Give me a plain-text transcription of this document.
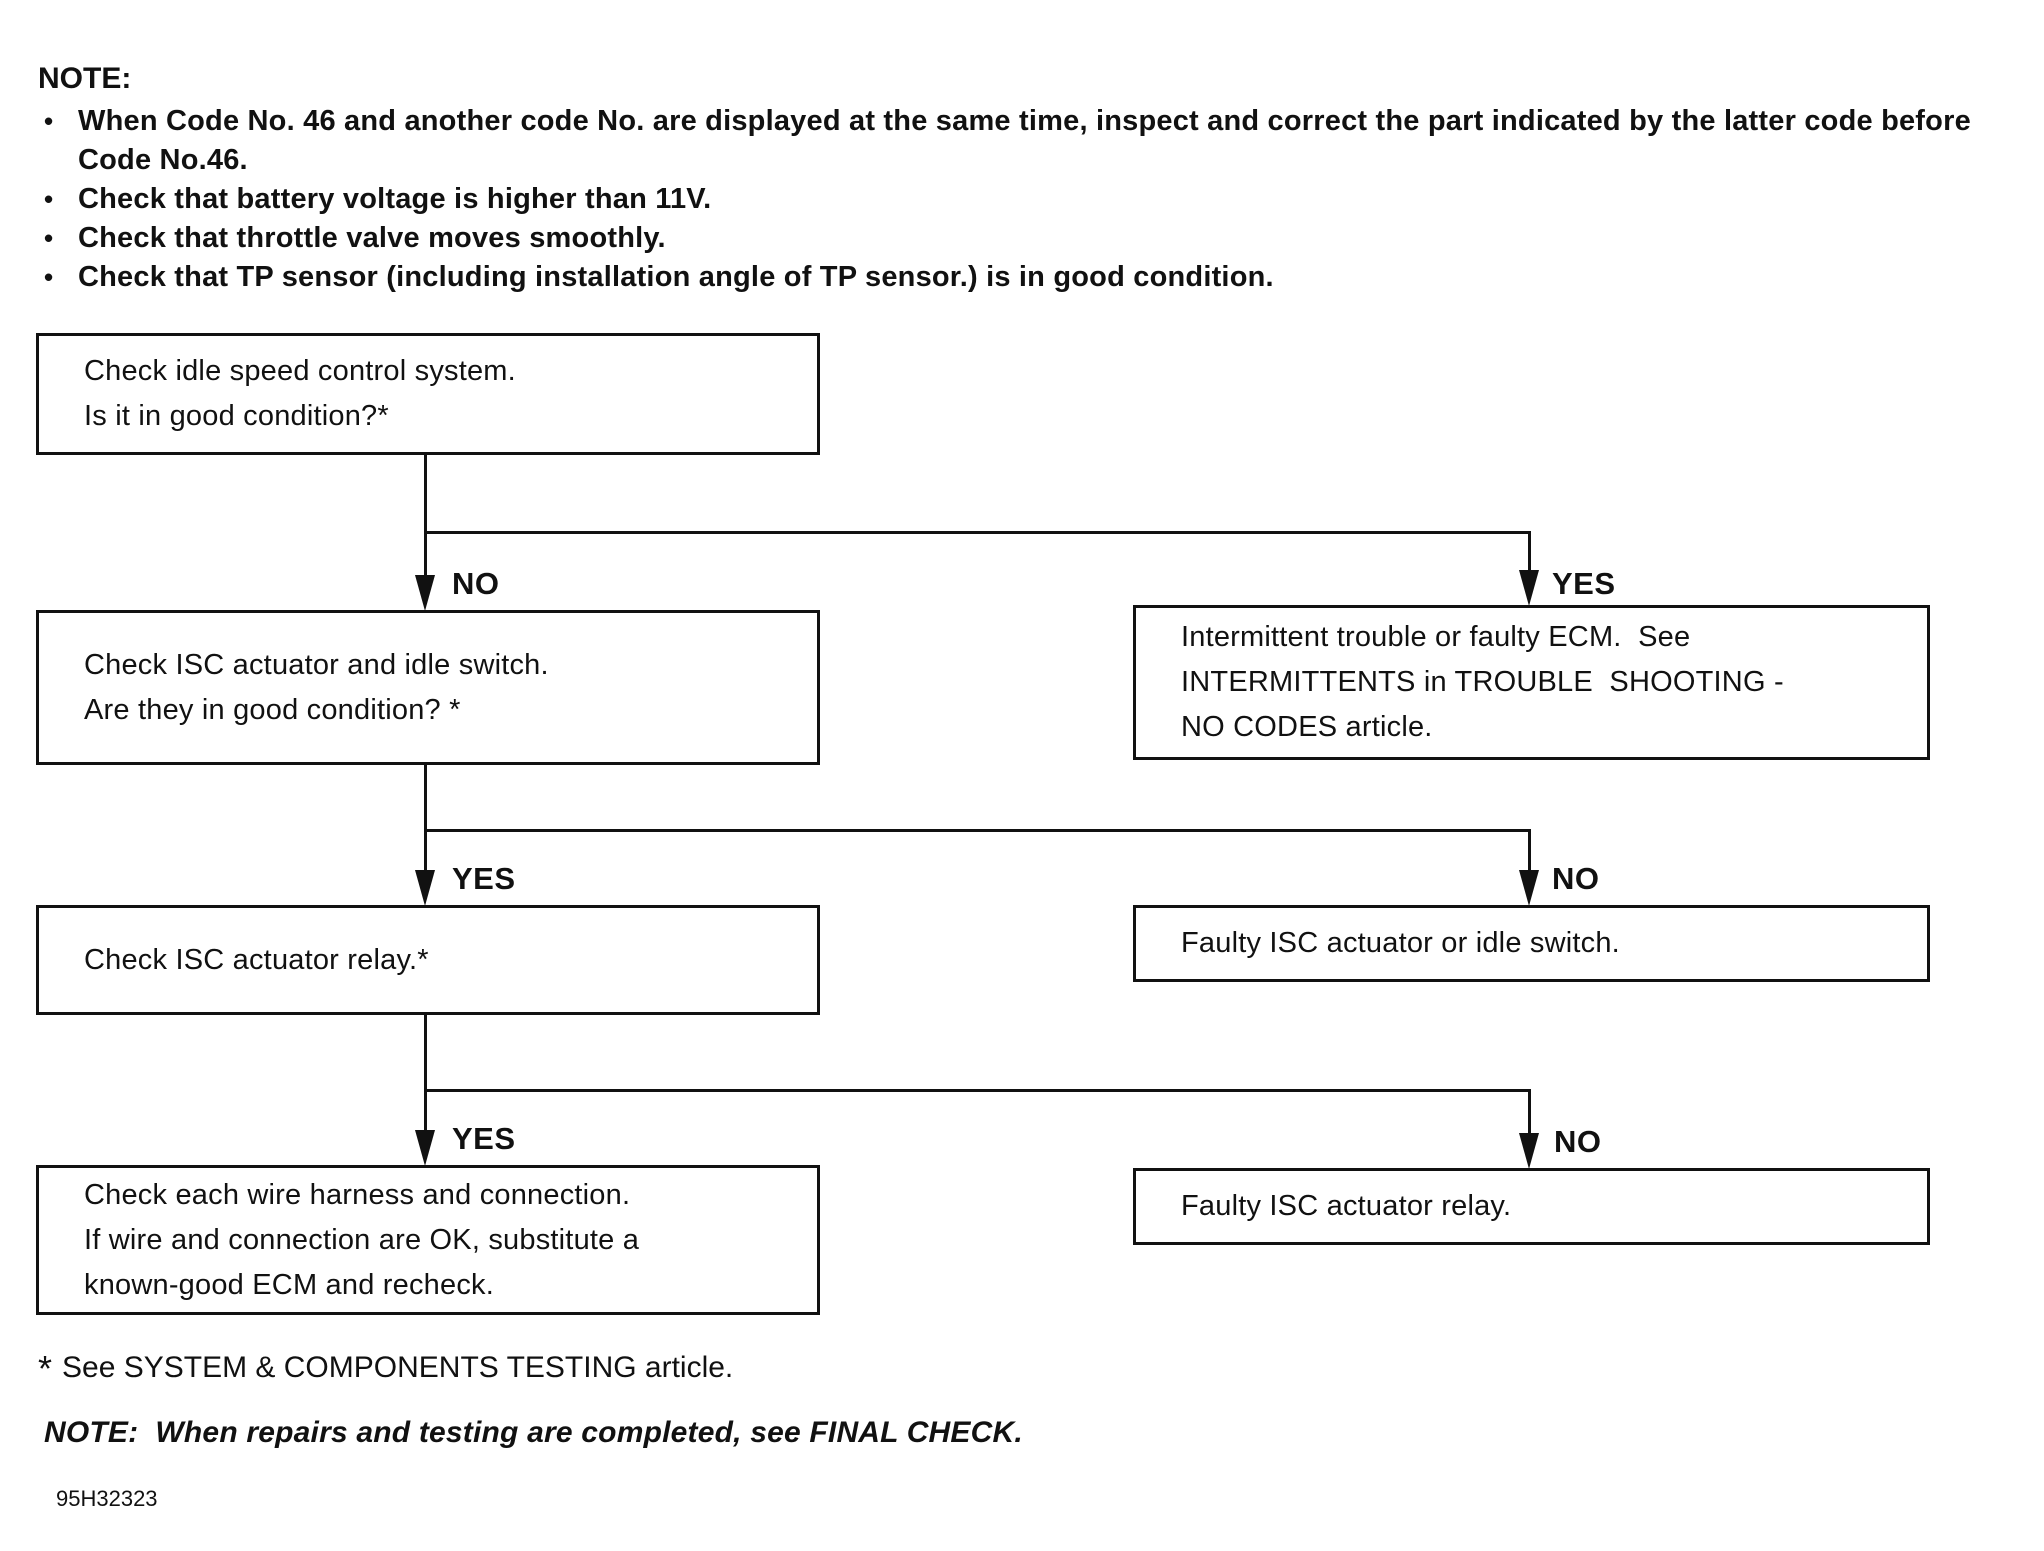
NOTE:
• When Code No. 46 and another code No. are displayed at the same time, inspect and correct the part indicated by the latter code before Code No.46.
• Check that battery voltage is higher than 11V.
• Check that throttle valve moves smoothly.
• Check that TP sensor (including installation angle of TP sensor.) is in good condition.
Check idle speed control system.
Is it in good condition?*
Check ISC actuator and idle switch.
Are they in good condition? *
Intermittent trouble or faulty ECM.  See
INTERMITTENTS in TROUBLE  SHOOTING -
NO CODES article.
Check ISC actuator relay.*
Faulty ISC actuator or idle switch.
Check each wire harness and connection.
If wire and connection are OK, substitute a
known-good ECM and recheck.
Faulty ISC actuator relay.
NO	YES
YES	NO
YES	NO
* See SYSTEM & COMPONENTS TESTING article.
NOTE:  When repairs and testing are completed, see FINAL CHECK.
95H32323
